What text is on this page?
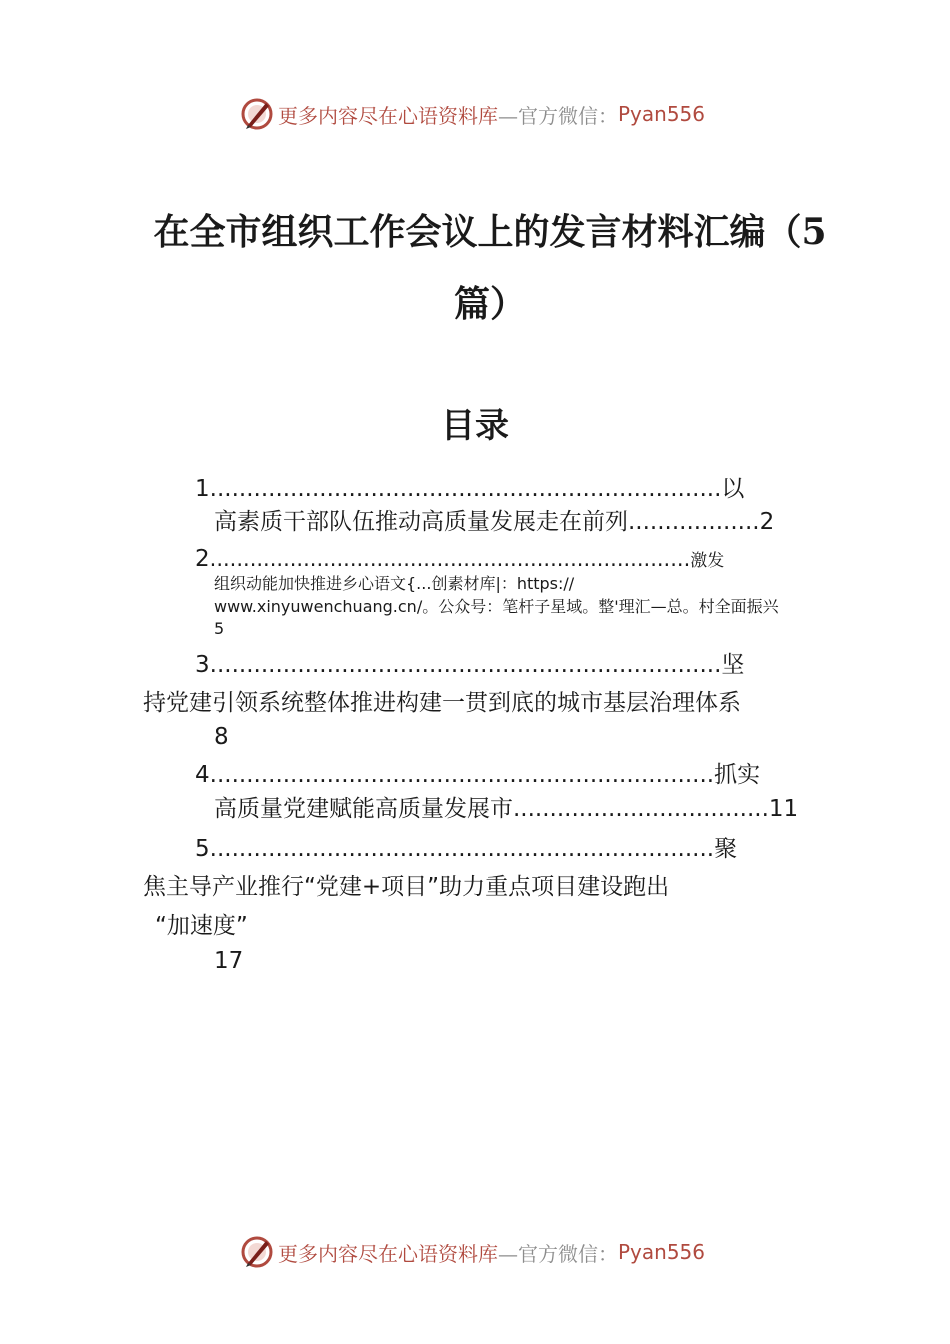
更多内容尽在心语资料库 —官方微信： Pyan556
在全市组织工作会议上的发言材料汇编（5
篇）
目录
1......................................................................以
高素质干部队伍推动高质量发展走在前列..................2
2........................................................................激发
组织动能加快推进乡心语文{...创素材库|：https://
www.xinyuwenchuang.cn/。公众号：笔杆子星域。整'理汇—总。村全面振兴
5
3......................................................................坚
持党建引领系统整体推进构建一贯到底的城市基层治理体系
8
4.....................................................................抓实
高质量党建赋能高质量发展市...................................11
5.....................................................................聚
焦主导产业推行“党建+项目”助力重点项目建设跑出
“加速度”
17
更多内容尽在心语资料库 —官方微信： Pyan556
